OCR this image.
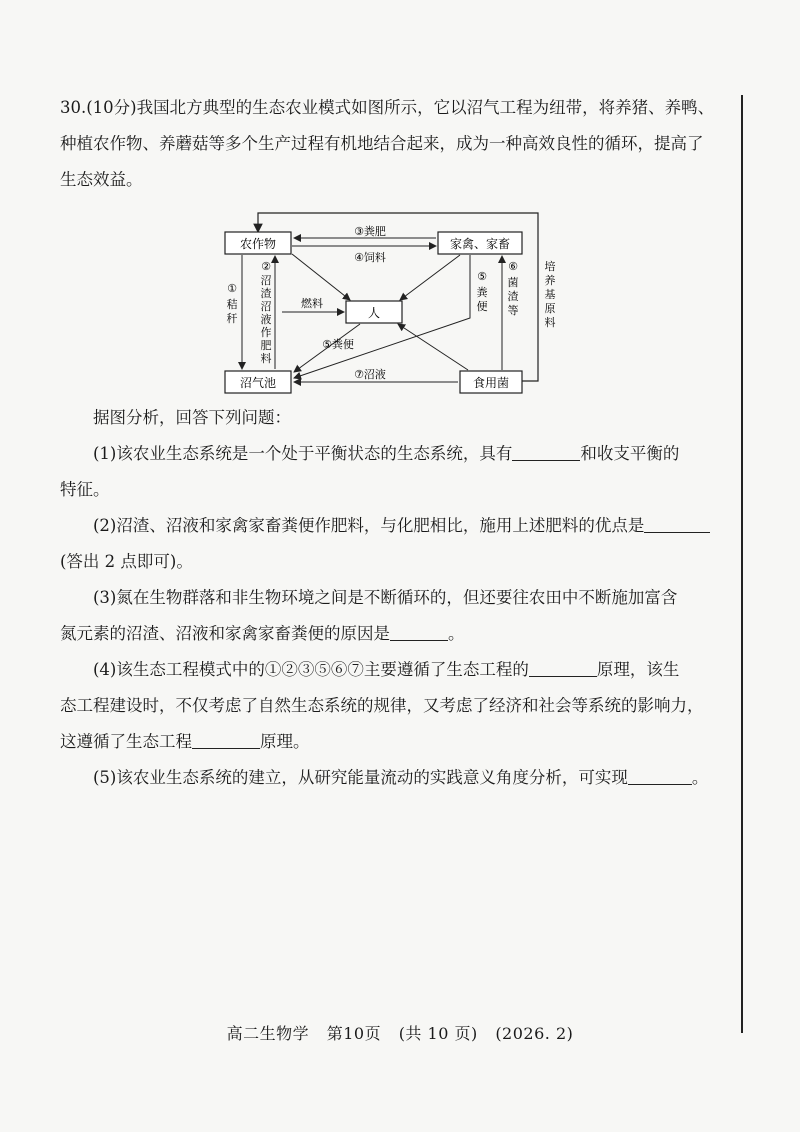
30.(10分)我国北方典型的生态农业模式如图所示，它以沼气工程为纽带，将养猪、养鸭、
种植农作物、养蘑菇等多个生产过程有机地结合起来，成为一种高效良性的循环，提高了
生态效益。

农作物	家禽、家畜
人
沼气池	食用菌
③粪肥
④饲料
①
秸
秆
②
沼
渣
沼
液
作
肥
料
燃料
⑤粪便
⑤
粪
便
⑥
菌
渣
等
培
养
基
原
料
⑦沼液

据图分析，回答下列问题：

(1)该农业生态系统是一个处于平衡状态的生态系统，具有	和收支平衡的

特征。

(2)沼渣、沼液和家禽家畜粪便作肥料，与化肥相比，施用上述肥料的优点是

(答出 2 点即可)。

(3)氮在生物群落和非生物环境之间是不断循环的，但还要往农田中不断施加富含

氮元素的沼渣、沼液和家禽家畜粪便的原因是	。

(4)该生态工程模式中的①②③⑤⑥⑦主要遵循了生态工程的	原理，该生

态工程建设时，不仅考虑了自然生态系统的规律，又考虑了经济和社会等系统的影响力，

这遵循了生态工程	原理。

(5)该农业生态系统的建立，从研究能量流动的实践意义角度分析，可实现	。

高二生物学 第10页 (共 10 页) (2026. 2)
